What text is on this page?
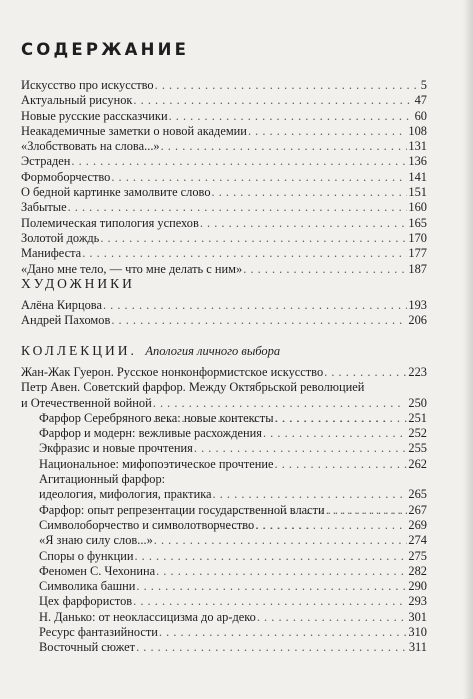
СОДЕРЖАНИЕ
Искусство про искусство . . .	5
Актуальный рисунок . . .	47
Новые русские рассказчики . . .	60
Неакадемичные заметки о новой академии . . .	108
«Злобствовать на слова...» . . .	131
Эстраден . . .	136
Формоборчество . . .	141
О бедной картинке замолвите слово . . .	151
Забытые . . .	160
Полемическая типология успехов . . .	165
Золотой дождь . . .	170
Манифеста . . .	177
«Дано мне тело, — что мне делать с ним» . . .	187
ХУДОЖНИКИ
Алёна Кирцова . . .	193
Андрей Пахомов . . .	206
КОЛЛЕКЦИИ. Апология личного выбора
Жан-Жак Гуерон. Русское нонконформистское искусство . . .	223
Петр Авен. Советский фарфор. Между Октябрьской революцией
и Отечественной войной . . .	250
Фарфор Серебряного века: новые контексты . . .	251
Фарфор и модерн: вежливые расхождения . . .	252
Экфразис и новые прочтения . . .	255
Национальное: мифопоэтическое прочтение . . .	262
Агитационный фарфор:
идеология, мифология, практика . . .	265
Фарфор: опыт репрезентации государственной власти . . .	267
Символоборчество и символотворчество . . .	269
«Я знаю силу слов...» . . .	274
Споры о функции . . .	275
Феномен С. Чехонина . . .	282
Символика башни . . .	290
Цех фарфористов . . .	293
Н. Данько: от неоклассицизма до ар-деко . . .	301
Ресурс фантазийности . . .	310
Восточный сюжет . . .	311
